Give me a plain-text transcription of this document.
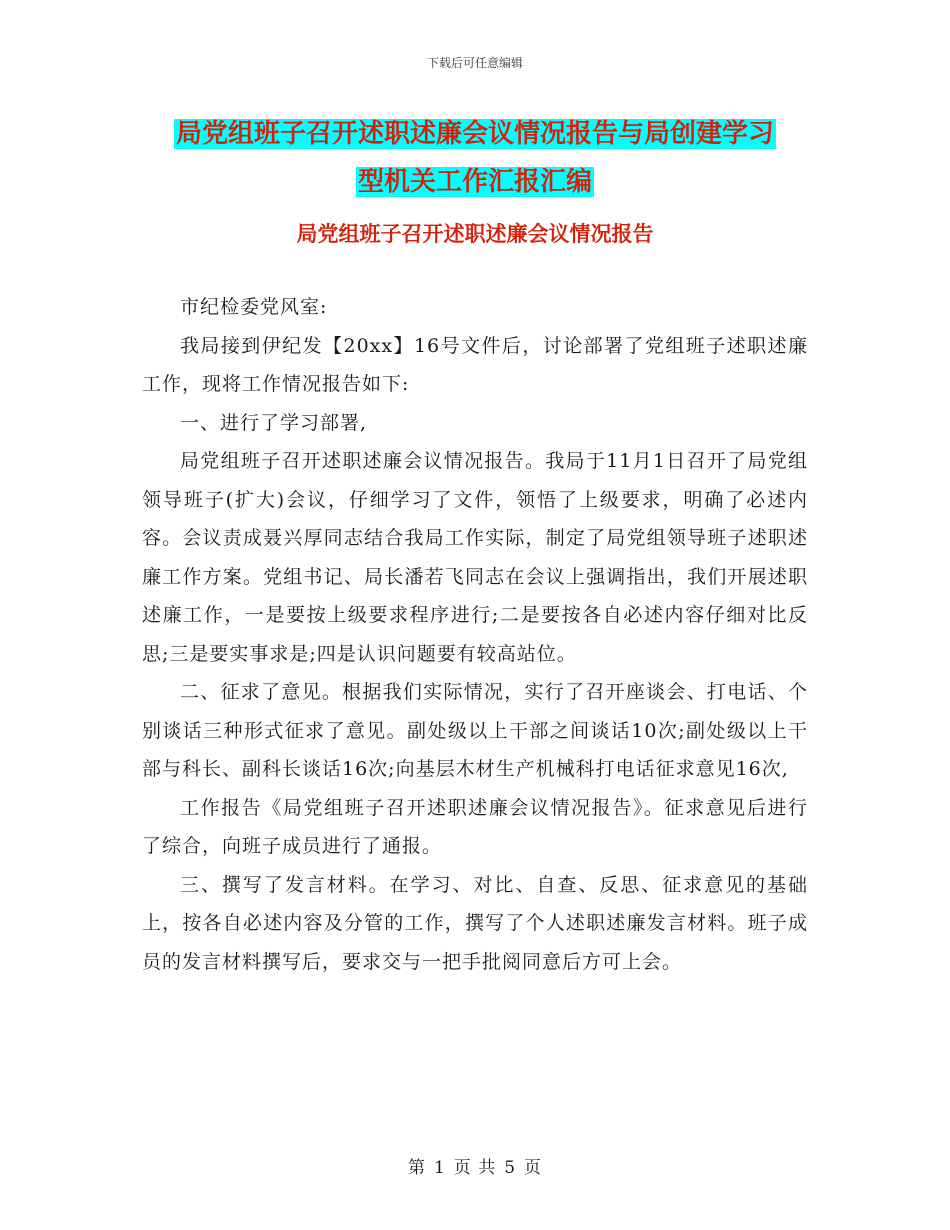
下载后可任意编辑
局党组班子召开述职述廉会议情况报告与局创建学习
型机关工作汇报汇编
局党组班子召开述职述廉会议情况报告

市纪检委党风室:

我局接到伊纪发【20xx】16号文件后，讨论部署了党组班子述职述廉工作，现将工作情况报告如下:

一、进行了学习部署,

局党组班子召开述职述廉会议情况报告。我局于11月1日召开了局党组领导班子(扩大)会议，仔细学习了文件，领悟了上级要求，明确了必述内容。会议责成聂兴厚同志结合我局工作实际，制定了局党组领导班子述职述廉工作方案。党组书记、局长潘若飞同志在会议上强调指出，我们开展述职述廉工作，一是要按上级要求程序进行;二是要按各自必述内容仔细对比反思;三是要实事求是;四是认识问题要有较高站位。

二、征求了意见。根据我们实际情况，实行了召开座谈会、打电话、个别谈话三种形式征求了意见。副处级以上干部之间谈话10次;副处级以上干部与科长、副科长谈话16次;向基层木材生产机械科打电话征求意见16次,

工作报告《局党组班子召开述职述廉会议情况报告》。征求意见后进行了综合，向班子成员进行了通报。

三、撰写了发言材料。在学习、对比、自查、反思、征求意见的基础上，按各自必述内容及分管的工作，撰写了个人述职述廉发言材料。班子成员的发言材料撰写后，要求交与一把手批阅同意后方可上会。

第 1 页 共 5 页
